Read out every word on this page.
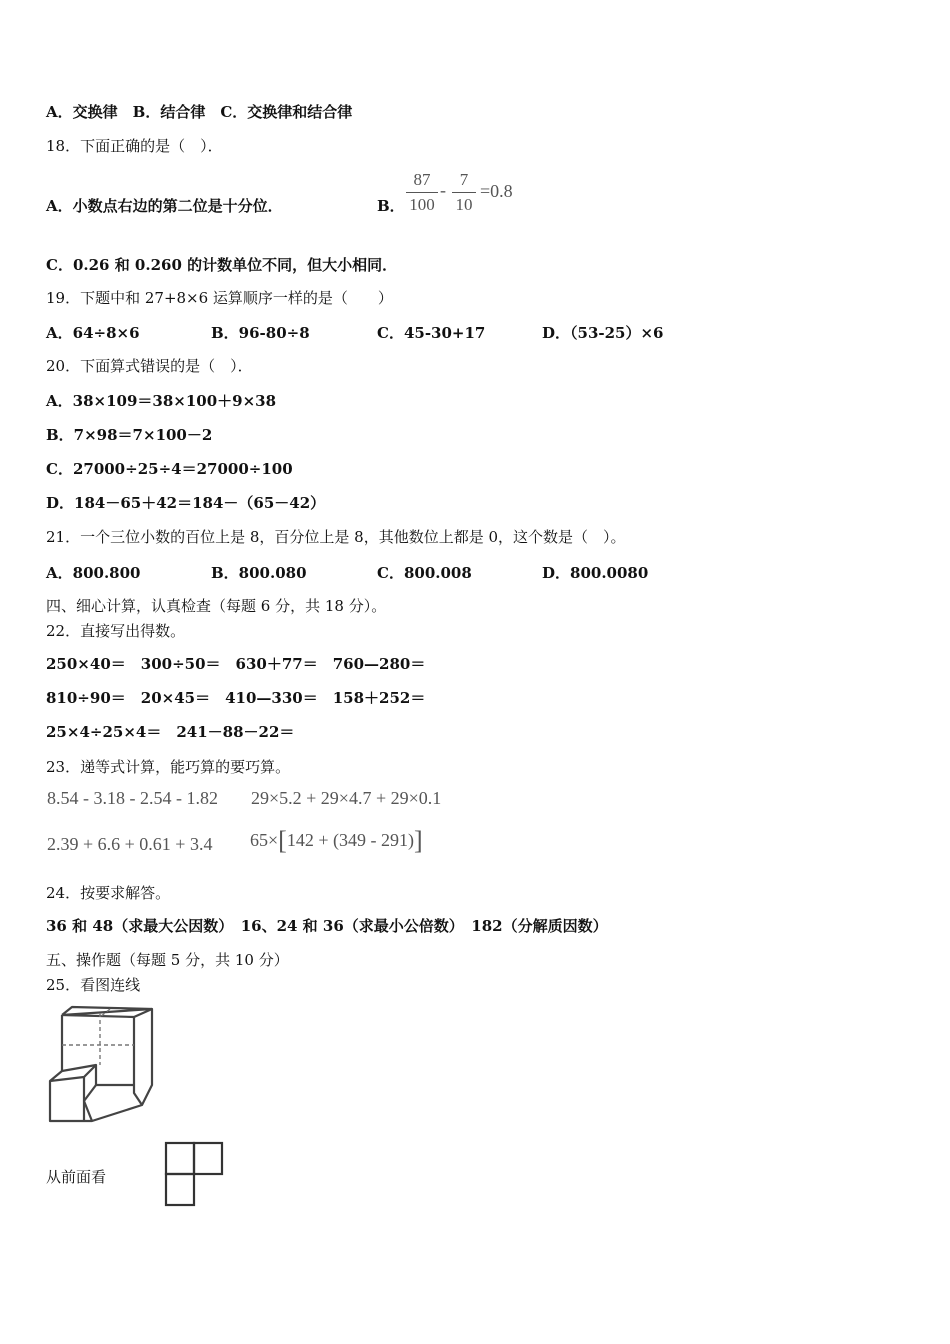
A．交换律　B．结合律　C．交换律和结合律
18．下面正确的是（　）．
A．小数点右边的第二位是十分位．	B．
87
100
-
7
10
=0.8
C．0.26 和 0.260 的计数单位不同，但大小相同．
19．下题中和 27+8×6 运算顺序一样的是（　　）
A．64÷8×6	B．96-80÷8	C．45-30+17	D．（53-25）×6
20．下面算式错误的是（　）．
A．38×109＝38×100＋9×38
B．7×98＝7×100－2
C．27000÷25÷4＝27000÷100
D．184－65＋42＝184－（65－42）
21．一个三位小数的百位上是 8，百分位上是 8，其他数位上都是 0，这个数是（　）。
A．800.800	B．800.080	C．800.008	D．800.0080
四、细心计算，认真检查（每题 6 分，共 18 分）。
22．直接写出得数。
250×40＝　300÷50＝　630＋77＝　760—280＝
810÷90＝　20×45＝　410—330＝　158＋252＝
25×4÷25×4＝　241－88－22＝
23．递等式计算，能巧算的要巧算。
8.54 - 3.18 - 2.54 - 1.82 29×5.2 + 29×4.7 + 29×0.1
2.39 + 6.6 + 0.61 + 3.4 65×[142 + (349 - 291)]
24．按要求解答。
36 和 48（求最大公因数）　16、24 和 36（求最小公倍数）　182（分解质因数）
五、操作题（每题 5 分，共 10 分）
25．看图连线
从前面看
